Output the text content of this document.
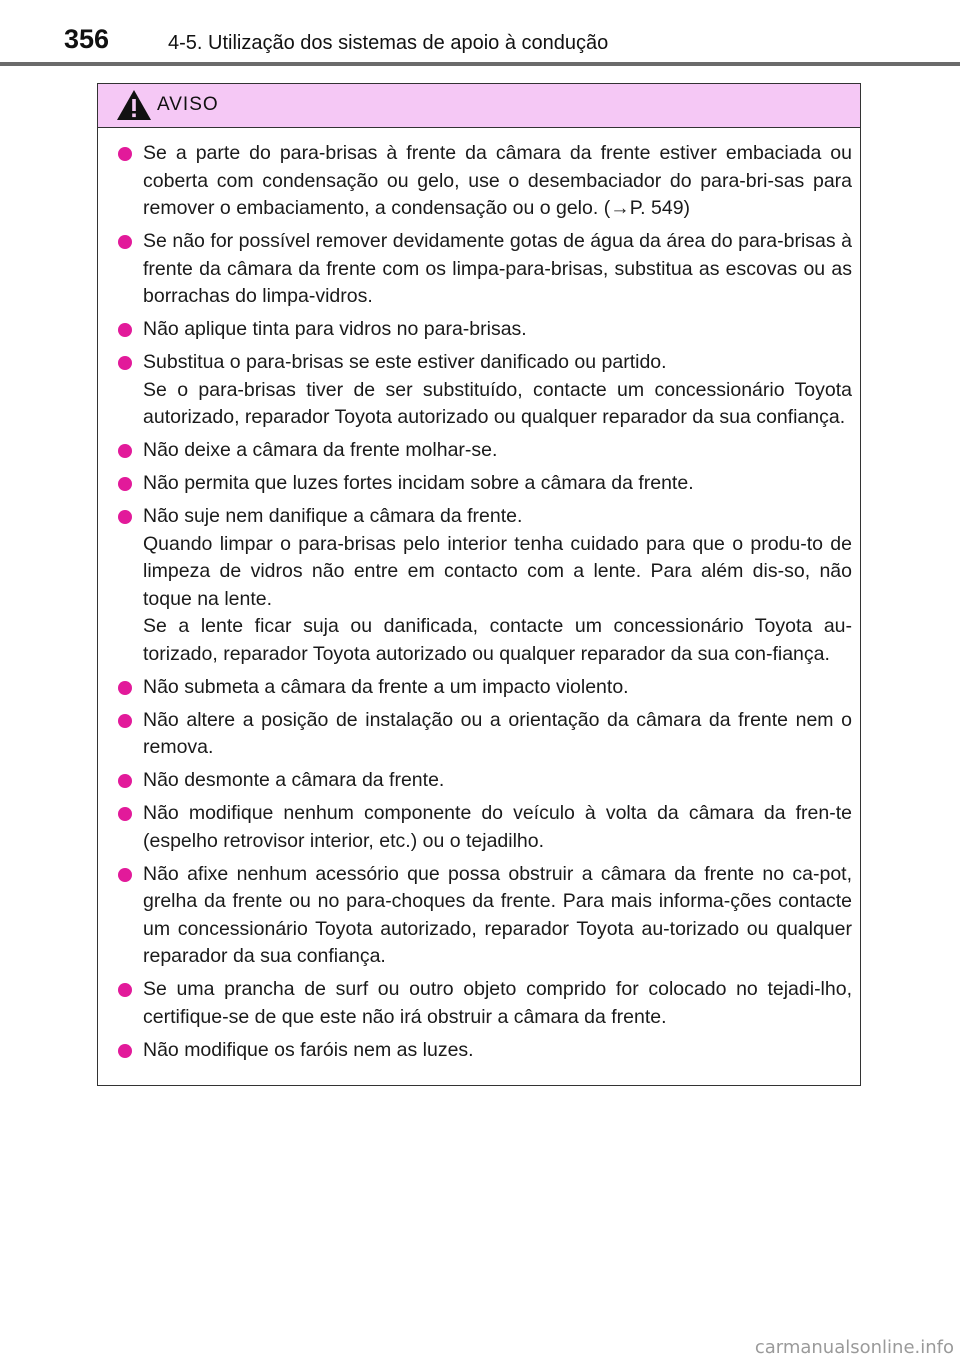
356	4-5. Utilização dos sistemas de apoio à condução
AVISO
Se a parte do para-brisas à frente da câmara da frente estiver embaciada ou coberta com condensação ou gelo, use o desembaciador do para-bri-sas para remover o embaciamento, a condensação ou o gelo. (→P. 549)
Se não for possível remover devidamente gotas de água da área do para-brisas à frente da câmara da frente com os limpa-para-brisas, substitua as escovas ou as borrachas do limpa-vidros.
Não aplique tinta para vidros no para-brisas.
Substitua o para-brisas se este estiver danificado ou partido.
Se o para-brisas tiver de ser substituído, contacte um concessionário Toyota autorizado, reparador Toyota autorizado ou qualquer reparador da sua confiança.
Não deixe a câmara da frente molhar-se.
Não permita que luzes fortes incidam sobre a câmara da frente.
Não suje nem danifique a câmara da frente.
Quando limpar o para-brisas pelo interior tenha cuidado para que o produ-to de limpeza de vidros não entre em contacto com a lente. Para além dis-so, não toque na lente.
Se a lente ficar suja ou danificada, contacte um concessionário Toyota au-torizado, reparador Toyota autorizado ou qualquer reparador da sua con-fiança.
Não submeta a câmara da frente a um impacto violento.
Não altere a posição de instalação ou a orientação da câmara da frente nem o remova.
Não desmonte a câmara da frente.
Não modifique nenhum componente do veículo à volta da câmara da fren-te (espelho retrovisor interior, etc.) ou o tejadilho.
Não afixe nenhum acessório que possa obstruir a câmara da frente no ca-pot, grelha da frente ou no para-choques da frente. Para mais informa-ções contacte um concessionário Toyota autorizado, reparador Toyota au-torizado ou qualquer reparador da sua confiança.
Se uma prancha de surf ou outro objeto comprido for colocado no tejadi-lho, certifique-se de que este não irá obstruir a câmara da frente.
Não modifique os faróis nem as luzes.
carmanualsonline.info
